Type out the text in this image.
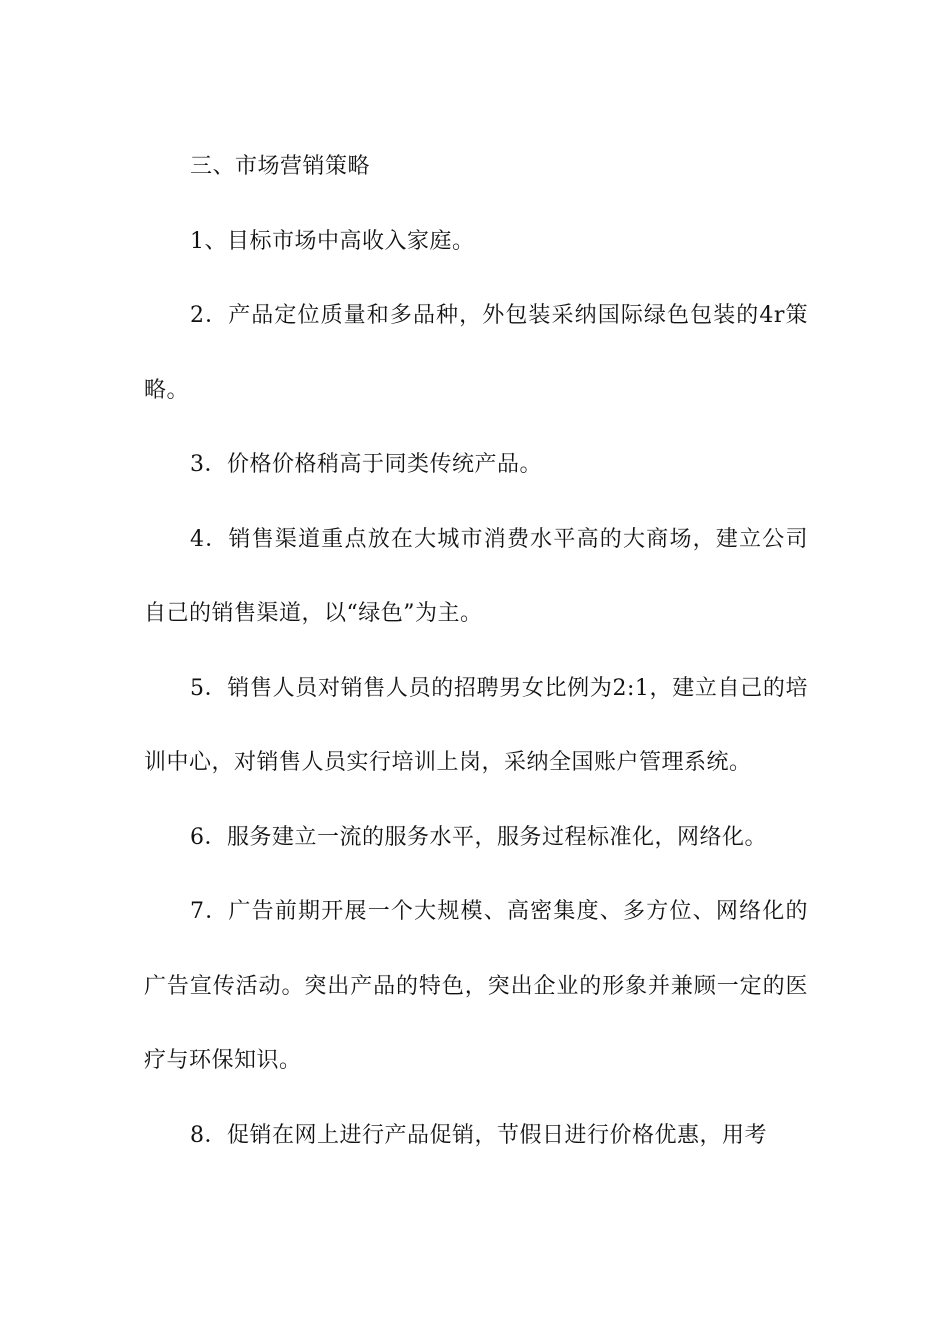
三、市场营销策略

1、目标市场中高收入家庭。

2．产品定位质量和多品种，外包装采纳国际绿色包装的4r策略。

3．价格价格稍高于同类传统产品。

4．销售渠道重点放在大城市消费水平高的大商场，建立公司自己的销售渠道，以“绿色”为主。

5．销售人员对销售人员的招聘男女比例为2:1，建立自己的培训中心，对销售人员实行培训上岗，采纳全国账户管理系统。

6．服务建立一流的服务水平，服务过程标准化，网络化。

7．广告前期开展一个大规模、高密集度、多方位、网络化的广告宣传活动。突出产品的特色，突出企业的形象并兼顾一定的医疗与环保知识。

8．促销在网上进行产品促销，节假日进行价格优惠，用考
